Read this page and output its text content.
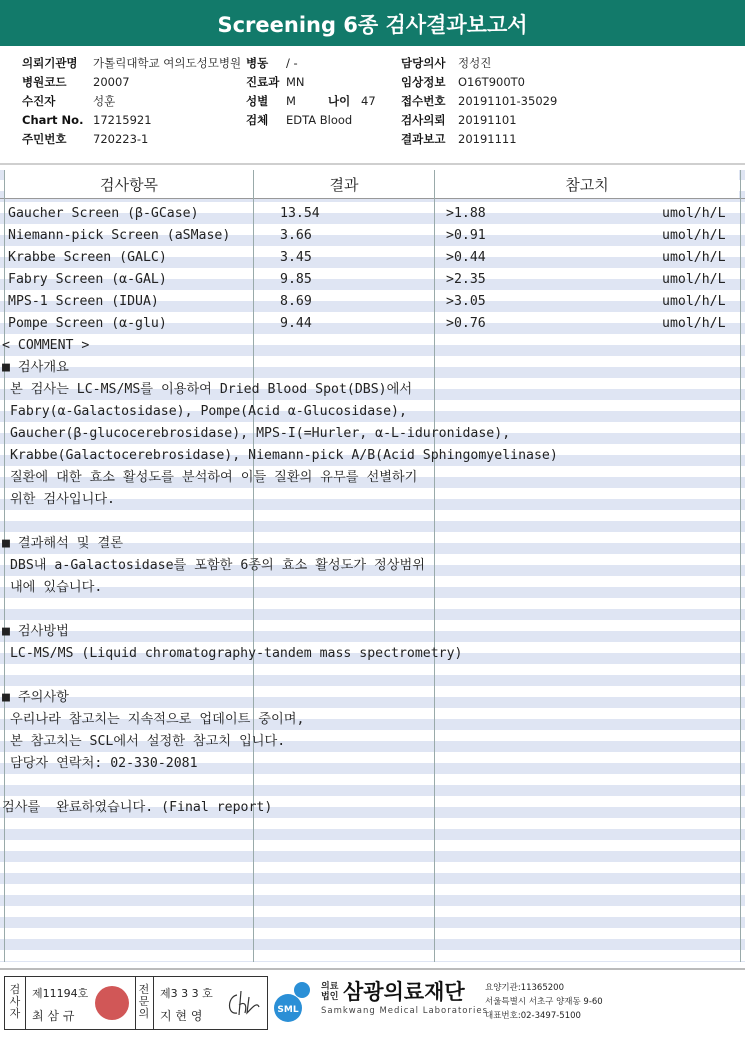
Screening 6종 검사결과보고서
의뢰기관명	가톨릭대학교 여의도성모병원
병원코드	20007
수진자	성훈
Chart No. 17215921
주민번호	720223-1
병동	/ -
진료과 MN
성별	M	나이 47
검체	EDTA Blood
담당의사	정성진
임상정보	O16T900T0
접수번호	20191101-35029
검사의뢰	20191101
결과보고	20191111
검사항목	결과	참고치
Gaucher Screen (β-GCase)	13.54	>1.88	umol/h/L
Niemann-pick Screen (aSMase)	3.66	>0.91	umol/h/L
Krabbe Screen (GALC)	3.45	>0.44	umol/h/L
Fabry Screen (α-GAL)	9.85	>2.35	umol/h/L
MPS-1 Screen (IDUA)	8.69	>3.05	umol/h/L
Pompe Screen (α-glu)	9.44	>0.76	umol/h/L
< COMMENT >
■ 검사개요
본 검사는 LC-MS/MS를 이용하여 Dried Blood Spot(DBS)에서
Fabry(α-Galactosidase), Pompe(Acid α-Glucosidase),
Gaucher(β-glucocerebrosidase), MPS-I(=Hurler, α-L-iduronidase),
Krabbe(Galactocerebrosidase), Niemann-pick A/B(Acid Sphingomyelinase)
질환에 대한 효소 활성도를 분석하여 이들 질환의 유무를 선별하기
위한 검사입니다.
■ 결과해석 및 결론
DBS내 a-Galactosidase를 포함한 6종의 효소 활성도가 정상범위
내에 있습니다.
■ 검사방법
LC-MS/MS (Liquid chromatography-tandem mass spectrometry)
■ 주의사항
우리나라 참고치는 지속적으로 업데이트 중이며,
본 참고치는 SCL에서 설정한 참고치 입니다.
담당자 연락처: 02-330-2081
검사를  완료하였습니다. (Final report)
검사자
제11194호
최 삼 규
전문의
제3 3 3 호
지 현 영	SML
의료법인 삼광의료재단
Samkwang Medical Laboratories
요양기관:11365200
서울특별시 서초구 양재동 9-60
대표번호:02-3497-5100
